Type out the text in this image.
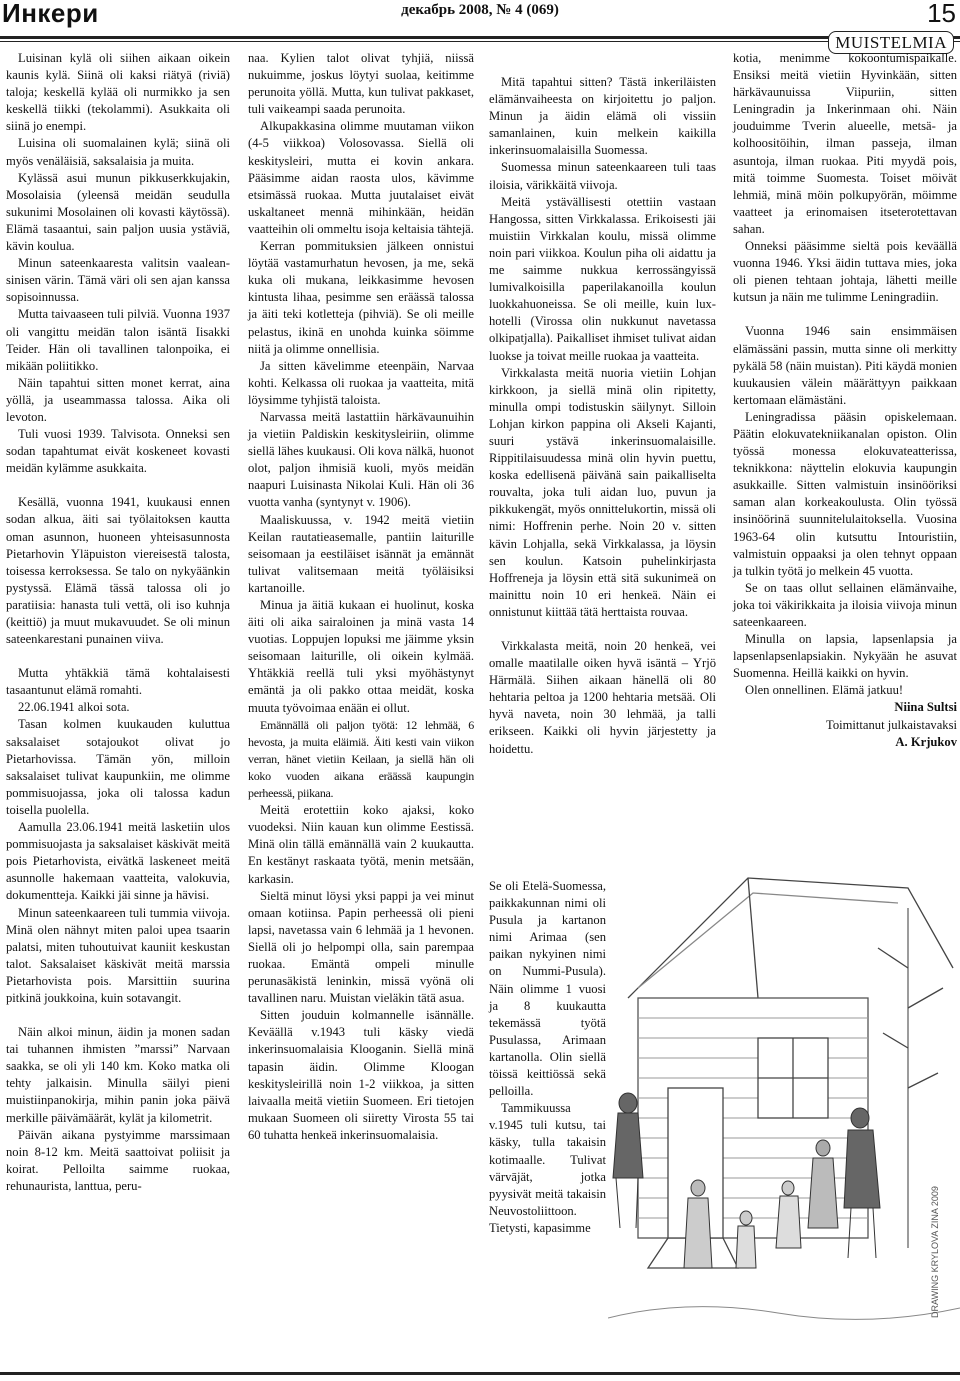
Инкери	декабрь 2008, № 4 (069)	15
MUISTELMIA

Luisinan kylä oli siihen aikaan oikein kaunis kylä. Siinä oli kaksi riätyä (riviä) taloja; keskellä kylää oli nurmikko ja sen keskellä tiikki (tekolammi). Asukkaita oli siinä jo enempi.

Luisina oli suomalainen kylä; siinä oli myös venäläisiä, saksalaisia ja muita.

Kylässä asui munun pikkuserkkujakin, Mosolaisia (yleensä meidän seudulla sukunimi Mosolainen oli kovasti käytössä). Elämä tasaantui, sain paljon uusia ystäviä, kävin koulua.

Minun sateenkaaresta valitsin vaalean-sinisen värin. Tämä väri oli sen ajan kanssa sopisoinnussa.

Mutta taivaaseen tuli pilviä. Vuonna 1937 oli vangittu meidän talon isäntä Iisakki Teider. Hän oli tavallinen talonpoika, ei mikään poliitikko.

Näin tapahtui sitten monet kerrat, aina yöllä, ja useammassa talossa. Aika oli levoton.

Tuli vuosi 1939. Talvisota. Onneksi sen sodan tapahtumat eivät koskeneet kovasti meidän kylämme asukkaita.

Kesällä, vuonna 1941, kuukausi ennen sodan alkua, äiti sai työlaitoksen kautta oman asunnon, huoneen yhteisasunnosta Pietarhovin Yläpuiston viereisestä talosta, toisessa kerroksessa. Se talo on nykyäänkin pystyssä. Elämä tässä talossa oli jo paratiisia: hanasta tuli vettä, oli iso kuhnja (keittiö) ja muut mukavuudet. Se oli minun sateenkarestani punainen viiva.

Mutta yhtäkkiä tämä kohtalaisesti tasaantunut elämä romahti.

22.06.1941 alkoi sota.

Tasan kolmen kuukauden kuluttua saksalaiset sotajoukot olivat jo Pietarhovissa. Tämän yön, milloin saksalaiset tulivat kaupunkiin, me olimme pommisuojassa, joka oli talossa kadun toisella puolella.

Aamulla 23.06.1941 meitä lasketiin ulos pommisuojasta ja saksalaiset käskivät meitä pois Pietarhovista, eivätkä laskeneet meitä asunnolle hakemaan vaatteita, valokuvia, dokumentteja. Kaikki jäi sinne ja hävisi.

Minun sateenkaareen tuli tummia viivoja. Minä olen nähnyt miten paloi upea tsaarin palatsi, miten tuhoutuivat kauniit keskustan talot. Saksalaiset käskivät meitä marssia Pietarhovista pois. Marsittiin suurina pitkinä joukkoina, kuin sotavangit.

Näin alkoi minun, äidin ja monen sadan tai tuhannen ihmisten ”marssi” Narvaan saakka, se oli yli 140 km. Koko matka oli tehty jalkaisin. Minulla säilyi pieni muistiinpanokirja, mihin panin joka päivä merkille päivämäärät, kylät ja kilometrit.

Päivän aikana pystyimme marssimaan noin 8-12 km. Meitä saattoivat poliisit ja koirat. Pelloilta saimme ruokaa, rehunaurista, lanttua, peru-

naa. Kylien talot olivat tyhjiä, niissä nukuimme, joskus löytyi suolaa, keitimme perunoita yöllä. Mutta, kun tulivat pakkaset, tuli vaikeampi saada perunoita.

Alkupakkasina olimme muutaman viikon (4-5 viikkoa) Volosovassa. Siellä oli keskitysleiri, mutta ei kovin ankara. Pääsimme aidan raosta ulos, kävimme etsimässä ruokaa. Mutta juutalaiset eivät uskaltaneet mennä mihinkään, heidän vaatteihin oli ommeltu isoja keltaisia tähtejä.

Kerran pommituksien jälkeen onnistui löytää vastamurhatun hevosen, ja me, sekä kuka oli mukana, leikkasimme hevosen kintusta lihaa, pesimme sen eräässä talossa ja äiti teki kotletteja (pihviä). Se oli meille pelastus, ikinä en unohda kuinka söimme niitä ja olimme onnellisia.

Ja sitten kävelimme eteenpäin, Narvaa kohti. Kelkassa oli ruokaa ja vaatteita, mitä löysimme tyhjistä taloista.

Narvassa meitä lastattiin härkävaunuihin ja vietiin Paldiskin keskitysleiriin, olimme siellä lähes kuukausi. Oli kova nälkä, huonot olot, paljon ihmisiä kuoli, myös meidän naapuri Luisinasta Nikolai Kuli. Hän oli 36 vuotta vanha (syntynyt v. 1906).

Maaliskuussa, v. 1942 meitä vietiin Keilan rautatieasemalle, pantiin laiturille seisomaan ja eestiläiset isännät ja emännät tulivat valitsemaan meitä työläisiksi kartanoille.

Minua ja äitiä kukaan ei huolinut, koska äiti oli aika sairaloinen ja minä vasta 14 vuotias. Loppujen lopuksi me jäimme yksin seisomaan laiturille, oli oikein kylmää. Yhtäkkiä reellä tuli yksi myöhästynyt emäntä ja oli pakko ottaa meidät, koska muuta työvoimaa enään ei ollut.

Emännällä oli paljon työtä: 12 lehmää, 6 hevosta, ja muita eläimiä. Äiti kesti vain viikon verran, hänet vietiin Keilaan, ja siellä hän oli koko vuoden aikana eräässä kaupungin perheessä, piikana.

Meitä erotettiin koko ajaksi, koko vuodeksi. Niin kauan kun olimme Eestissä. Minä olin tällä emännällä vain 2 kuukautta. En kestänyt raskaata työtä, menin metsään, karkasin.

Sieltä minut löysi yksi pappi ja vei minut omaan kotiinsa. Papin perheessä oli pieni lapsi, navetassa vain 6 lehmää ja 1 hevonen. Siellä oli jo helpompi olla, sain parempaa ruokaa. Emäntä ompeli minulle perunasäkistä leninkin, missä vyönä oli tavallinen naru. Muistan vieläkin tätä asua.

Sitten jouduin kolmannelle isännälle. Keväällä v.1943 tuli käsky viedä inkerinsuomalaisia Klooganin. Siellä minä tapasin äidin. Olimme Kloogan keskitysleirillä noin 1-2 viikkoa, ja sitten laivaalla meitä vietiin Suomeen. Eri tietojen mukaan Suomeen oli siiretty Virosta 55 tai 60 tuhatta henkeä inkerinsuomalaisia.

Mitä tapahtui sitten? Tästä inkeriläisten elämänvaiheesta on kirjoitettu jo paljon. Minun ja äidin elämä oli vissiin samanlainen, kuin melkein kaikilla inkerinsuomalaisilla Suomessa.

Suomessa minun sateenkaareen tuli taas iloisia, värikkäitä viivoja.

Meitä ystävällisesti otettiin vastaan Hangossa, sitten Virkkalassa. Erikoisesti jäi muistiin Virkkalan koulu, missä olimme noin pari viikkoa. Koulun piha oli aidattu ja me saimme nukkua kerrossängyissä lumivalkoisilla paperilakanoilla koulun luokkahuoneissa. Se oli meille, kuin lux-hotelli (Virossa olin nukkunut navetassa olkipatjalla). Paikalliset ihmiset tulivat aidan luokse ja toivat meille ruokaa ja vaatteita.

Virkkalasta meitä nuoria vietiin Lohjan kirkkoon, ja siellä minä olin ripitetty, minulla ompi todistuskin säilynyt. Silloin Lohjan kirkon pappina oli Akseli Kajanti, suuri ystävä inkerinsuomalaisille. Rippitilaisuudessa minä olin hyvin puettu, koska edellisenä päivänä sain paikalliselta rouvalta, joka tuli aidan luo, puvun ja pikkukengät, myös onnittelukortin, missä oli nimi: Hoffrenin perhe. Noin 20 v. sitten kävin Lohjalla, sekä Virkkalassa, ja löysin sen koulun. Katsoin puhelinkirjasta Hoffreneja ja löysin että sitä sukunimeä on mainittu noin 10 eri henkeä. Näin ei onnistunut kiittää tätä herttaista rouvaa.

Virkkalasta meitä, noin 20 henkeä, vei omalle maatilalle oiken hyvä isäntä – Yrjö Härmälä. Siihen aikaan hänellä oli 80 hehtaria peltoa ja 1200 hehtaria metsää. Oli hyvä naveta, noin 30 lehmää, ja talli erikseen. Kaikki oli hyvin järjestetty ja hoidettu.

Se oli Etelä-Suomessa, paikkakunnan nimi oli Pusula ja kartanon nimi Arimaa (sen paikan nykyinen nimi on Nummi-Pusula). Näin olimme 1 vuosi ja 8 kuukautta tekemässä työtä Pusulassa, Arimaan kartanolla. Olin siellä töissä keittiössä sekä pelloilla.

Tammikuussa v.1945 tuli kutsu, tai käsky, tulla takaisin kotimaalle. Tulivat värvājät, jotka pyysivät meitä takaisin Neuvostoliittoon. Tietysti, kapasimme

kotia, menimme kokoontumispaikalle. Ensiksi meitä vietiin Hyvinkään, sitten härkävaunuissa Viipuriin, sitten Leningradin ja Inkerinmaan ohi. Näin jouduimme Tverin alueelle, metsä- ja kolhoositöihin, ilman passeja, ilman asuntoja, ilman ruokaa. Piti myydä pois, mitä toimme Suomesta. Toiset möivät lehmiä, minä möin polkupyörän, möimme vaatteet ja erinomaisen itseterotettavan sahan.

Onneksi pääsimme sieltä pois keväällä vuonna 1946. Yksi äidin tuttava mies, joka oli pienen tehtaan johtaja, lähetti meille kutsun ja näin me tulimme Leningradiin.

Vuonna 1946 sain ensimmäisen elämässäni passin, mutta sinne oli merkitty pykälä 58 (näin muistan). Piti käydä monien kuukausien välein määrättyyn paikkaan kertomaan elämästäni.

Leningradissa pääsin opiskelemaan. Päätin elokuvatekniikanalan opiston. Olin työssä monessa elokuvateatterissa, teknikkona: näyttelin elokuvia kaupungin asukkaille. Sitten valmistuin insinööriksi saman alan korkeakoulusta. Olin työssä insinöörinä suunnitelulaitoksella. Vuosina 1963-64 olin kutsuttu Intouristiin, valmistuin oppaaksi ja olen tehnyt oppaan ja tulkin työtä jo melkein 45 vuotta.

Se on taas ollut sellainen elämänvaihe, joka toi väkirikkaita ja iloisia viivoja minun sateenkaareen.

Minulla on lapsia, lapsenlapsia ja lapsenlapsenlapsiakin. Nykyään he asuvat Suomenna. Heillä kaikki on hyvin.

Olen onnellinen. Elämä jatkuu!

Niina Sultsi

Toimittanut julkaistavaksi

A. Krjukov

DRAWING KRYLOVA ZINA 2009
